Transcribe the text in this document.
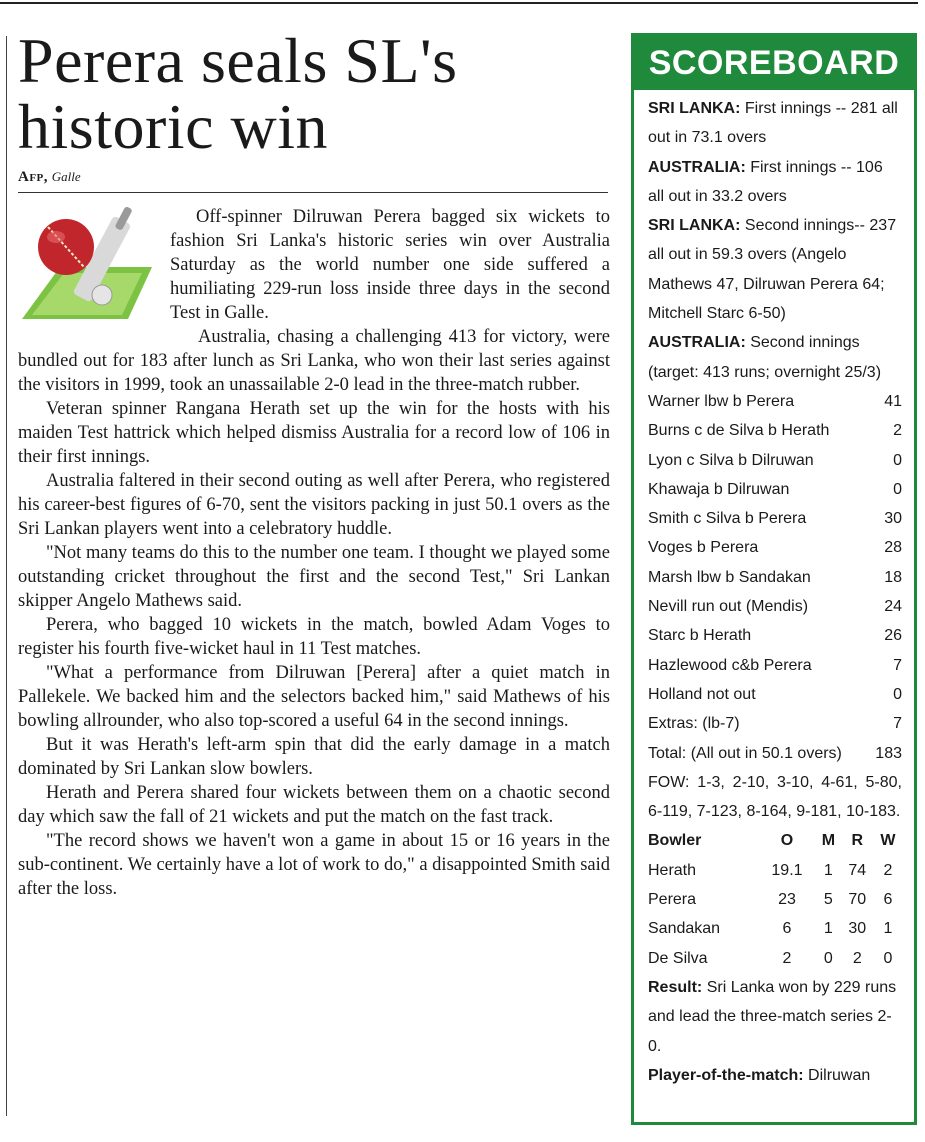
Perera seals SL's historic win
Afp, Galle

Off-spinner Dilruwan Perera bagged six wickets to fashion Sri Lanka's historic series win over Australia Saturday as the world number one side suffered a humiliating 229-run loss inside three days in the second Test in Galle.

Australia, chasing a challenging 413 for victory, were bundled out for 183 after lunch as Sri Lanka, who won their last series against the visitors in 1999, took an unassailable 2-0 lead in the three-match rubber.

Veteran spinner Rangana Herath set up the win for the hosts with his maiden Test hattrick which helped dismiss Australia for a record low of 106 in their first innings.

Australia faltered in their second outing as well after Perera, who registered his career-best figures of 6-70, sent the visitors packing in just 50.1 overs as the Sri Lankan players went into a celebratory huddle.

"Not many teams do this to the number one team. I thought we played some outstanding cricket throughout the first and the second Test," Sri Lankan skipper Angelo Mathews said.

Perera, who bagged 10 wickets in the match, bowled Adam Voges to register his fourth five-wicket haul in 11 Test matches.

"What a performance from Dilruwan [Perera] after a quiet match in Pallekele. We backed him and the selectors backed him," said Mathews of his bowling allrounder, who also top-scored a useful 64 in the second innings.

But it was Herath's left-arm spin that did the early damage in a match dominated by Sri Lankan slow bowlers.

Herath and Perera shared four wickets between them on a chaotic second day which saw the fall of 21 wickets and put the match on the fast track.

"The record shows we haven't won a game in about 15 or 16 years in the sub-continent. We certainly have a lot of work to do," a disappointed Smith said after the loss.

SCOREBOARD
SRI LANKA: First innings -- 281 all out in 73.1 overs
AUSTRALIA: First innings -- 106 all out in 33.2 overs
SRI LANKA: Second innings-- 237 all out in 59.3 overs (Angelo Mathews 47, Dilruwan Perera 64; Mitchell Starc 6-50)
AUSTRALIA: Second innings (target: 413 runs; overnight 25/3)
Warner lbw b Perera	41
Burns c de Silva b Herath	2
Lyon c Silva b Dilruwan	0
Khawaja b Dilruwan	0
Smith c Silva b Perera	30
Voges b Perera	28
Marsh lbw b Sandakan	18
Nevill run out (Mendis)	24
Starc b Herath	26
Hazlewood c&b Perera	7
Holland not out	0
Extras: (lb-7)	7
Total: (All out in 50.1 overs) 183
FOW: 1-3, 2-10, 3-10, 4-61, 5-80, 6-119, 7-123, 8-164, 9-181, 10-183.
Bowler	O	M	R	W
Herath	19.1	1	74	2
Perera	23	5	70	6
Sandakan	6	1	30	1
De Silva	2	0	2	0
Result: Sri Lanka won by 229 runs and lead the three-match series 2-0.
Player-of-the-match: Dilruwan
